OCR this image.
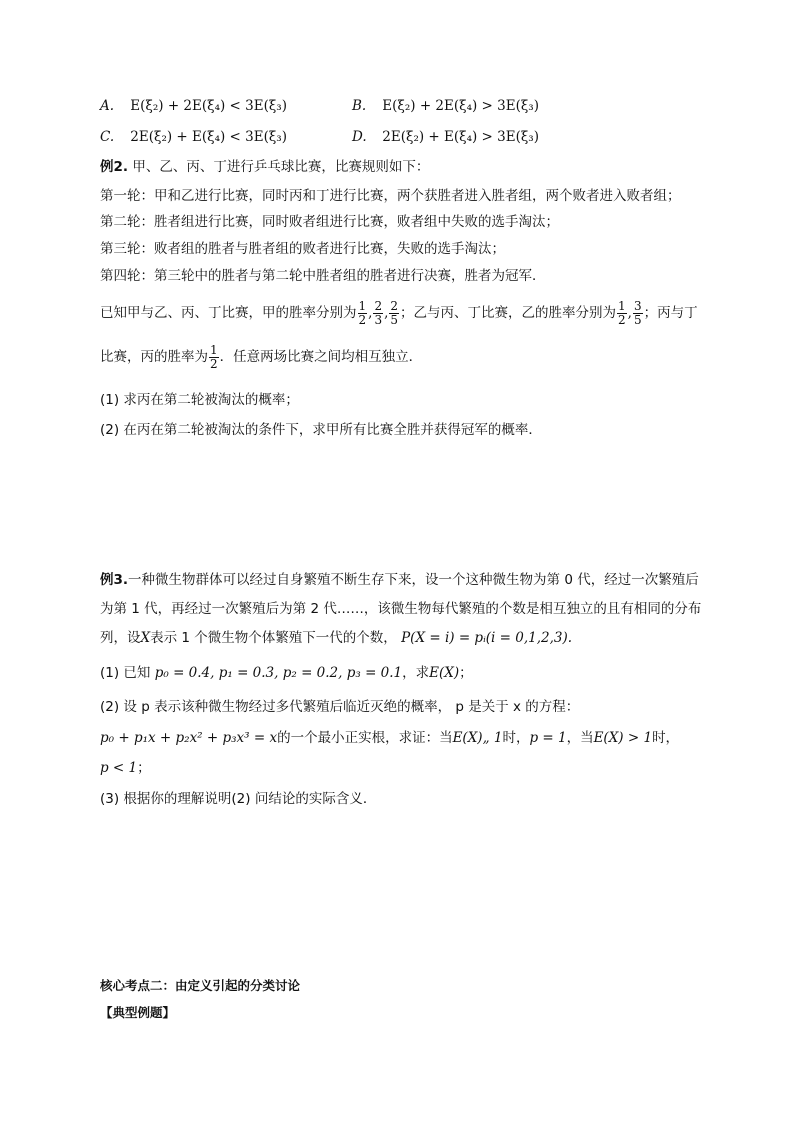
A. E(ξ₂) + 2E(ξ₄) < 3E(ξ₃)	B. E(ξ₂) + 2E(ξ₄) > 3E(ξ₃)
C. 2E(ξ₂) + E(ξ₄) < 3E(ξ₃)	D. 2E(ξ₂) + E(ξ₄) > 3E(ξ₃)
例2. 甲、乙、丙、丁进行乒乓球比赛，比赛规则如下：
第一轮：甲和乙进行比赛，同时丙和丁进行比赛，两个获胜者进入胜者组，两个败者进入败者组；
第二轮：胜者组进行比赛，同时败者组进行比赛，败者组中失败的选手淘汰；
第三轮：败者组的胜者与胜者组的败者进行比赛，失败的选手淘汰；
第四轮：第三轮中的胜者与第二轮中胜者组的胜者进行决赛，胜者为冠军．
已知甲与乙、丙、丁比赛，甲的胜率分别为 $\frac{1}{2}$ , $\frac{2}{3}$ , $\frac{2}{5}$ ；乙与丙、丁比赛，乙的胜率分别为 $\frac{1}{2}$ , $\frac{3}{5}$ ；丙与丁
比赛，丙的胜率为 $\frac{1}{2}$ ．任意两场比赛之间均相互独立．
(1) 求丙在第二轮被淘汰的概率；
(2) 在丙在第二轮被淘汰的条件下，求甲所有比赛全胜并获得冠军的概率．
例3.一种微生物群体可以经过自身繁殖不断生存下来，设一个这种微生物为第 0 代，经过一次繁殖后
为第 1 代，再经过一次繁殖后为第 2 代……，该微生物每代繁殖的个数是相互独立的且有相同的分布
列，设X表示 1 个微生物个体繁殖下一代的个数， P(X = i) = pᵢ(i = 0,1,2,3).
(1) 已知 p₀ = 0.4, p₁ = 0.3, p₂ = 0.2, p₃ = 0.1，求E(X)；
(2) 设 p 表示该种微生物经过多代繁殖后临近灭绝的概率， p 是关于 x 的方程：
p₀ + p₁x + p₂x² + p₃x³ = x的一个最小正实根，求证：当E(X)„ 1时，p = 1，当E(X) > 1时，
p < 1；
(3) 根据你的理解说明(2) 问结论的实际含义．
核心考点二：由定义引起的分类讨论
【典型例题】
